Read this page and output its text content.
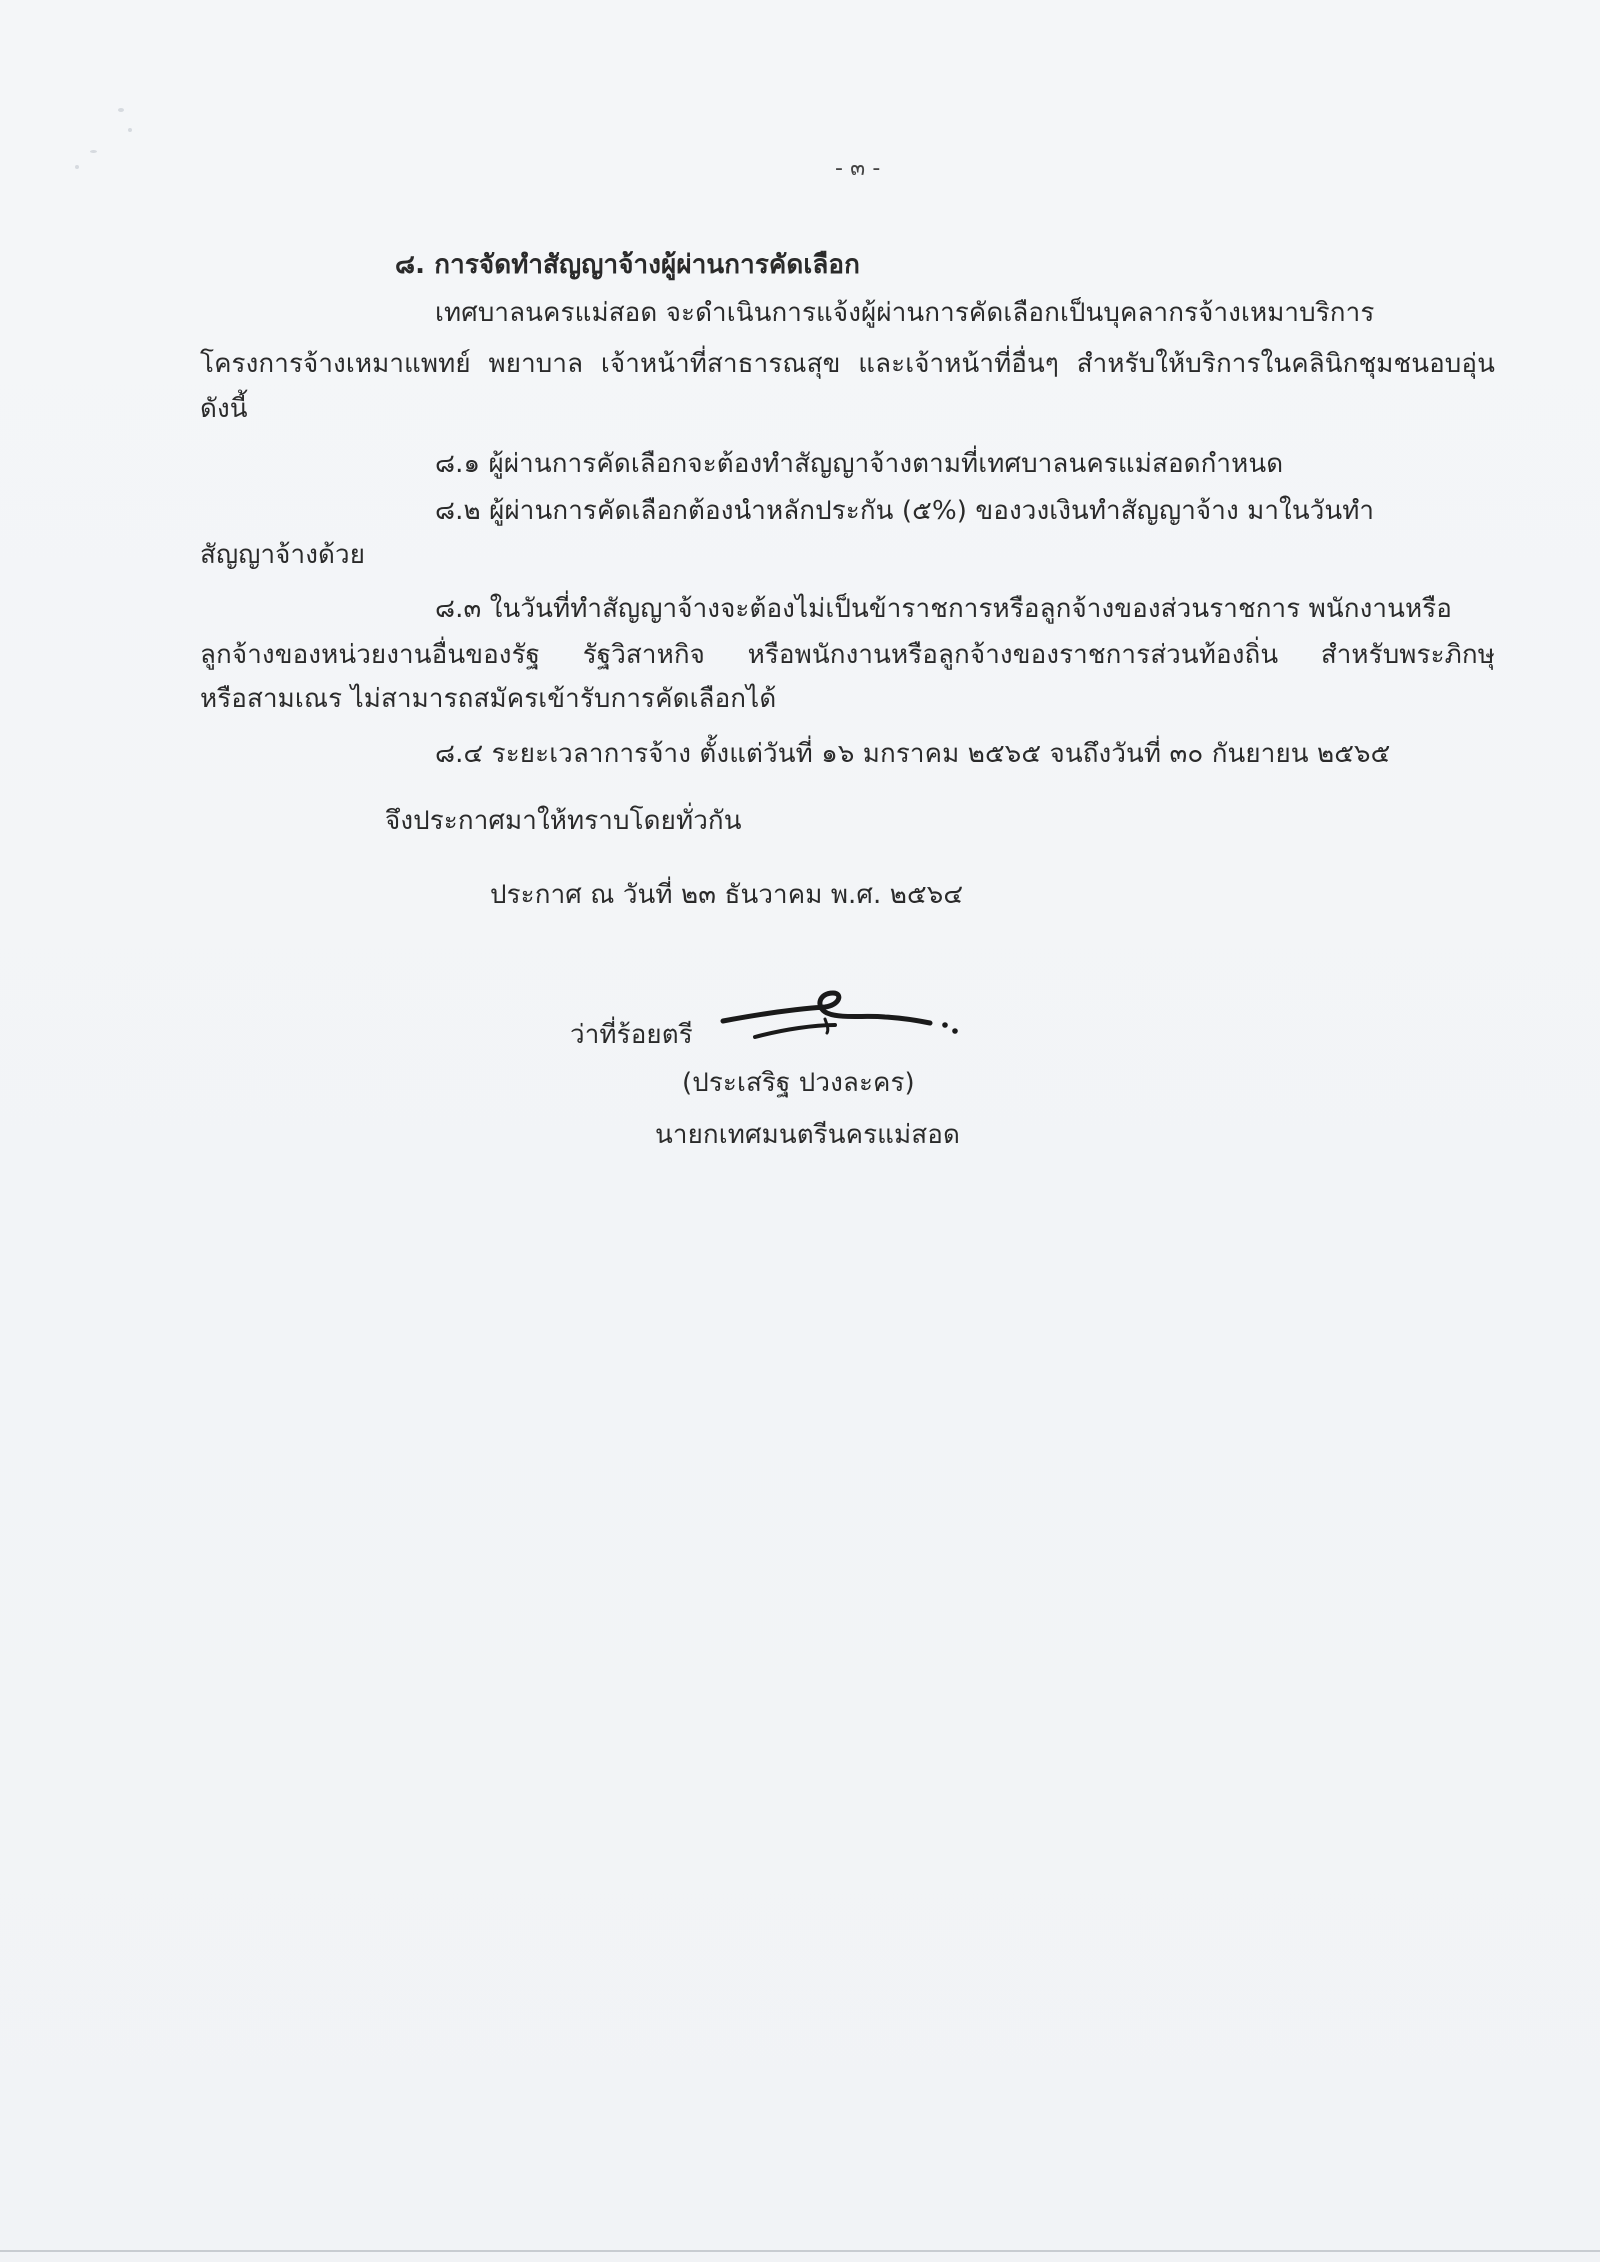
- ๓ -
๘. การจัดทำสัญญาจ้างผู้ผ่านการคัดเลือก
เทศบาลนครแม่สอด จะดำเนินการแจ้งผู้ผ่านการคัดเลือกเป็นบุคลากรจ้างเหมาบริการ
โครงการจ้างเหมาแพทย์ พยาบาล เจ้าหน้าที่สาธารณสุข และเจ้าหน้าที่อื่นๆ สำหรับให้บริการในคลินิกชุมชนอบอุ่น
ดังนี้
๘.๑ ผู้ผ่านการคัดเลือกจะต้องทำสัญญาจ้างตามที่เทศบาลนครแม่สอดกำหนด
๘.๒ ผู้ผ่านการคัดเลือกต้องนำหลักประกัน (๕%) ของวงเงินทำสัญญาจ้าง มาในวันทำ
สัญญาจ้างด้วย
๘.๓ ในวันที่ทำสัญญาจ้างจะต้องไม่เป็นข้าราชการหรือลูกจ้างของส่วนราชการ พนักงานหรือ
ลูกจ้างของหน่วยงานอื่นของรัฐ รัฐวิสาหกิจ หรือพนักงานหรือลูกจ้างของราชการส่วนท้องถิ่น สำหรับพระภิกษุ
หรือสามเณร ไม่สามารถสมัครเข้ารับการคัดเลือกได้
๘.๔ ระยะเวลาการจ้าง ตั้งแต่วันที่ ๑๖ มกราคม ๒๕๖๕ จนถึงวันที่ ๓๐ กันยายน ๒๕๖๕
จึงประกาศมาให้ทราบโดยทั่วกัน
ประกาศ ณ วันที่ ๒๓ ธันวาคม พ.ศ. ๒๕๖๔
ว่าที่ร้อยตรี
(ประเสริฐ ปวงละคร)
นายกเทศมนตรีนครแม่สอด
